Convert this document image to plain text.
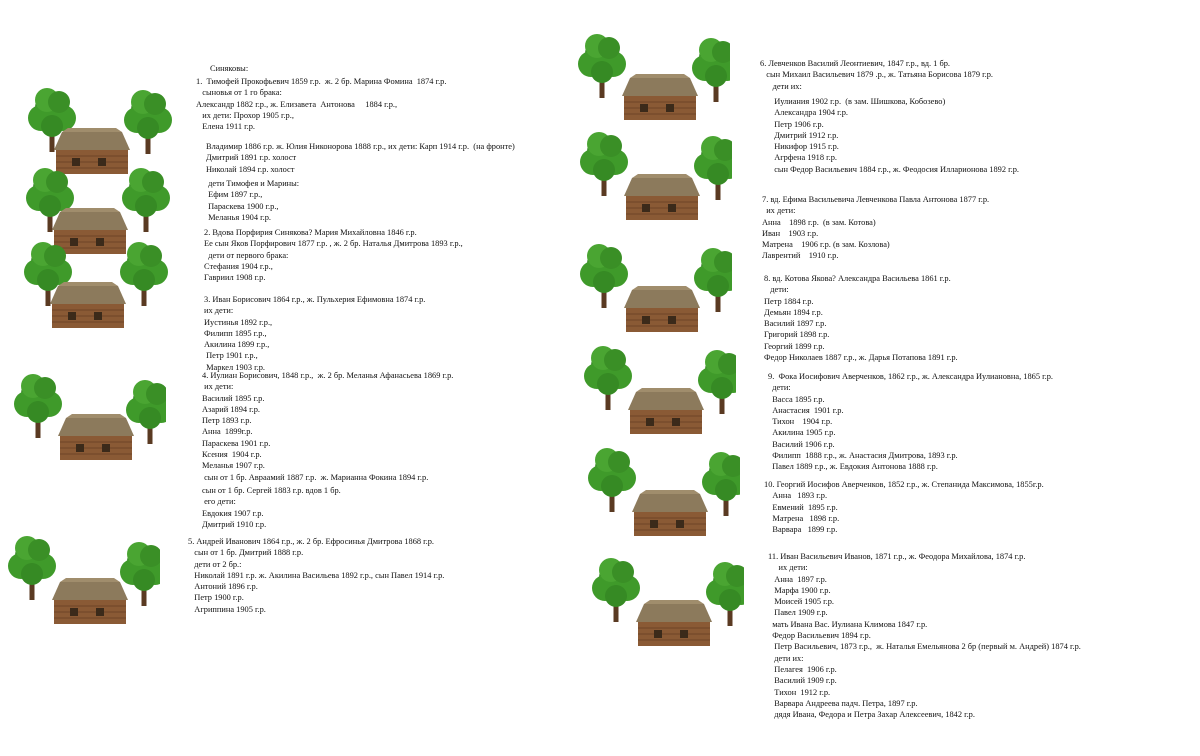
Синяковы:
1.  Тимофей Прокофьевич 1859 г.р.  ж. 2 бр. Марина Фомина  1874 г.р.
сыновья от 1 го брака:
Александр 1882 г.р., ж. Елизавета  Антонова     1884 г.р.,
их дети: Прохор 1905 г.р.,
Елена 1911 г.р.
Владимир 1886 г.р. ж. Юлия Никонорова 1888 г.р., их дети: Карп 1914 г.р.  (на фронте)
Дмитрий 1891 г.р. холост
Николай 1894 г.р. холост
дети Тимофея и Марины:
Ефим 1897 г.р.,
Параскева 1900 г.р.,
Меланья 1904 г.р.
2. Вдова Порфирия Синякова? Мария Михайловна 1846 г.р.
Ее сын Яков Порфирович 1877 г.р. , ж. 2 бр. Наталья Дмитрова 1893 г.р.,
дети от первого брака:
Стефания 1904 г.р.,
Гавриил 1908 г.р.
3. Иван Борисович 1864 г.р., ж. Пульхерия Ефимовна 1874 г.р.
их дети:
Иустинья 1892 г.р.,
Филипп 1895 г.р.,
Акилина 1899 г.р.,
Петр 1901 г.р.,
Маркел 1903 г.р.
4. Иулиан Борисович, 1848 г.р.,  ж. 2 бр. Меланья Афанасьева 1869 г.р.
их дети:
Василий 1895 г.р.
Азарий 1894 г.р.
Петр 1893 г.р.
Анна  1899г.р.
Параскева 1901 г.р.
Ксения  1904 г.р.
Меланья 1907 г.р.
сын от 1 бр. Авраамий 1887 г.р.  ж. Марианна Фокина 1894 г.р.
сын от 1 бр. Сергей 1883 г.р. вдов 1 бр.
его дети:
Евдокия 1907 г.р.
Дмитрий 1910 г.р.
5. Андрей Иванович 1864 г.р., ж. 2 бр. Ефросинья Дмитрова 1868 г.р.
сын от 1 бр. Дмитрий 1888 г.р.
дети от 2 бр.:
Николай 1891 г.р. ж. Акилина Васильева 1892 г.р., сын Павел 1914 г.р.
Антоний 1896 г.р.
Петр 1900 г.р.
Агриппина 1905 г.р.
6. Левченков Василий Леонтиевич, 1847 г.р., вд. 1 бр.
сын Михаил Васильевич 1879 .р., ж. Татьяна Борисова 1879 г.р.
дети их:
Иулиания 1902 г.р.  (в зам. Шишкова, Кобозево)
Александра 1904 г.р.
Петр 1906 г.р.
Дмитрий 1912 г.р.
Никифор 1915 г.р.
Агрфена 1918 г.р.
сын Федор Васильевич 1884 г.р., ж. Феодосия Илларионова 1892 г.р.
7. вд. Ефима Васильевича Левченкова Павла Антонова 1877 г.р.
их дети:
Анна    1898 г.р.  (в зам. Котова)
Иван    1903 г.р.
Матрена    1906 г.р. (в зам. Козлова)
Лаврентий    1910 г.р.
8. вд. Котова Якова? Александра Васильева 1861 г.р.
дети:
Петр 1884 г.р.
Демьян 1894 г.р.
Василий 1897 г.р.
Григорий 1898 г.р.
Георгий 1899 г.р.
Федор Николаев 1887 г.р., ж. Дарья Потапова 1891 г.р.
9.  Фока Иосифович Аверченков, 1862 г.р., ж. Александра Иулиановна, 1865 г.р.
дети:
Васса 1895 г.р.
Анастасия  1901 г.р.
Тихон    1904 г.р.
Акилина 1905 г.р.
Василий 1906 г.р.
Филипп  1888 г.р., ж. Анастасия Дмитрова, 1893 г.р.
Павел 1889 г.р., ж. Евдокия Антонова 1888 г.р.
10. Георгий Иосифов Аверченков, 1852 г.р., ж. Степанида Максимова, 1855г.р.
Анна   1893 г.р.
Евмений  1895 г.р.
Матрена   1898 г.р.
Варвара   1899 г.р.
11. Иван Васильевич Иванов, 1871 г.р., ж. Феодора Михайлова, 1874 г.р.
их дети:
Анна  1897 г.р.
Марфа 1900 г.р.
Моисей 1905 г.р.
Павел 1909 г.р.
мать Ивана Вас. Иулиана Климова 1847 г.р.
Федор Васильевич 1894 г.р.
Петр Васильевич, 1873 г.р.,  ж. Наталья Емельянова 2 бр (первый м. Андрей) 1874 г.р.
дети их:
Пелагея  1906 г.р.
Василий 1909 г.р.
Тихон  1912 г.р.
Варвара Андреева падч. Петра, 1897 г.р.
дядя Ивана, Федора и Петра Захар Алексеевич, 1842 г.р.
